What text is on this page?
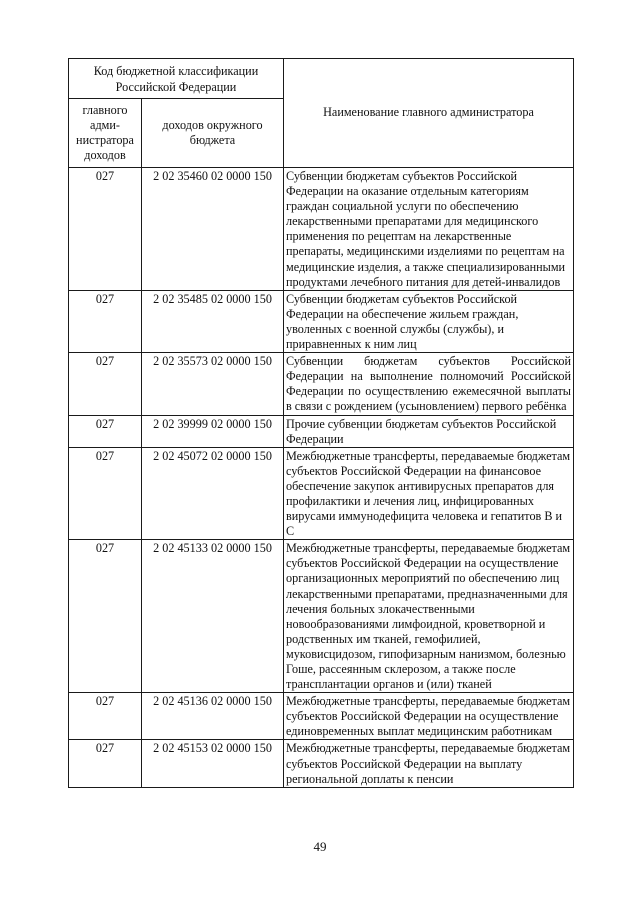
Код бюджетной классификации Российской Федерации		Наименование главного администратора
главного адми-нистратора доходов	доходов окружного бюджета	
027	2 02 35460 02 0000 150	Субвенции бюджетам субъектов Российской Федерации на оказание отдельным категориям граждан социальной услуги по обеспечению лекарственными препаратами для медицинского применения по рецептам на лекарственные препараты, медицинскими изделиями по рецептам на медицинские изделия, а также специализированными продуктами лечебного питания для детей-инвалидов
027	2 02 35485 02 0000 150	Субвенции бюджетам субъектов Российской Федерации на обеспечение жильем граждан, уволенных с военной службы (службы), и приравненных к ним лиц
027	2 02 35573 02 0000 150	Субвенции бюджетам субъектов Российской Федерации на выполнение полномочий Российской Федерации по осуществлению ежемесячной выплаты в связи с рождением (усыновлением) первого ребёнка
027	2 02 39999 02 0000 150	Прочие субвенции бюджетам субъектов Российской Федерации
027	2 02 45072 02 0000 150	Межбюджетные трансферты, передаваемые бюджетам субъектов Российской Федерации на финансовое обеспечение закупок антивирусных препаратов для профилактики и лечения лиц, инфицированных вирусами иммунодефицита человека и гепатитов В и С
027	2 02 45133 02 0000 150	Межбюджетные трансферты, передаваемые бюджетам субъектов Российской Федерации на осуществление организационных мероприятий по обеспечению лиц лекарственными препаратами, предназначенными для лечения больных злокачественными новообразованиями лимфоидной, кроветворной и родственных им тканей, гемофилией, муковисцидозом, гипофизарным нанизмом, болезнью Гоше, рассеянным склерозом, а также после трансплантации органов и (или) тканей
027	2 02 45136 02 0000 150	Межбюджетные трансферты, передаваемые бюджетам субъектов Российской Федерации на осуществление единовременных выплат медицинским работникам
027	2 02 45153 02 0000 150	Межбюджетные трансферты, передаваемые бюджетам субъектов Российской Федерации на выплату региональной доплаты к пенсии
49
